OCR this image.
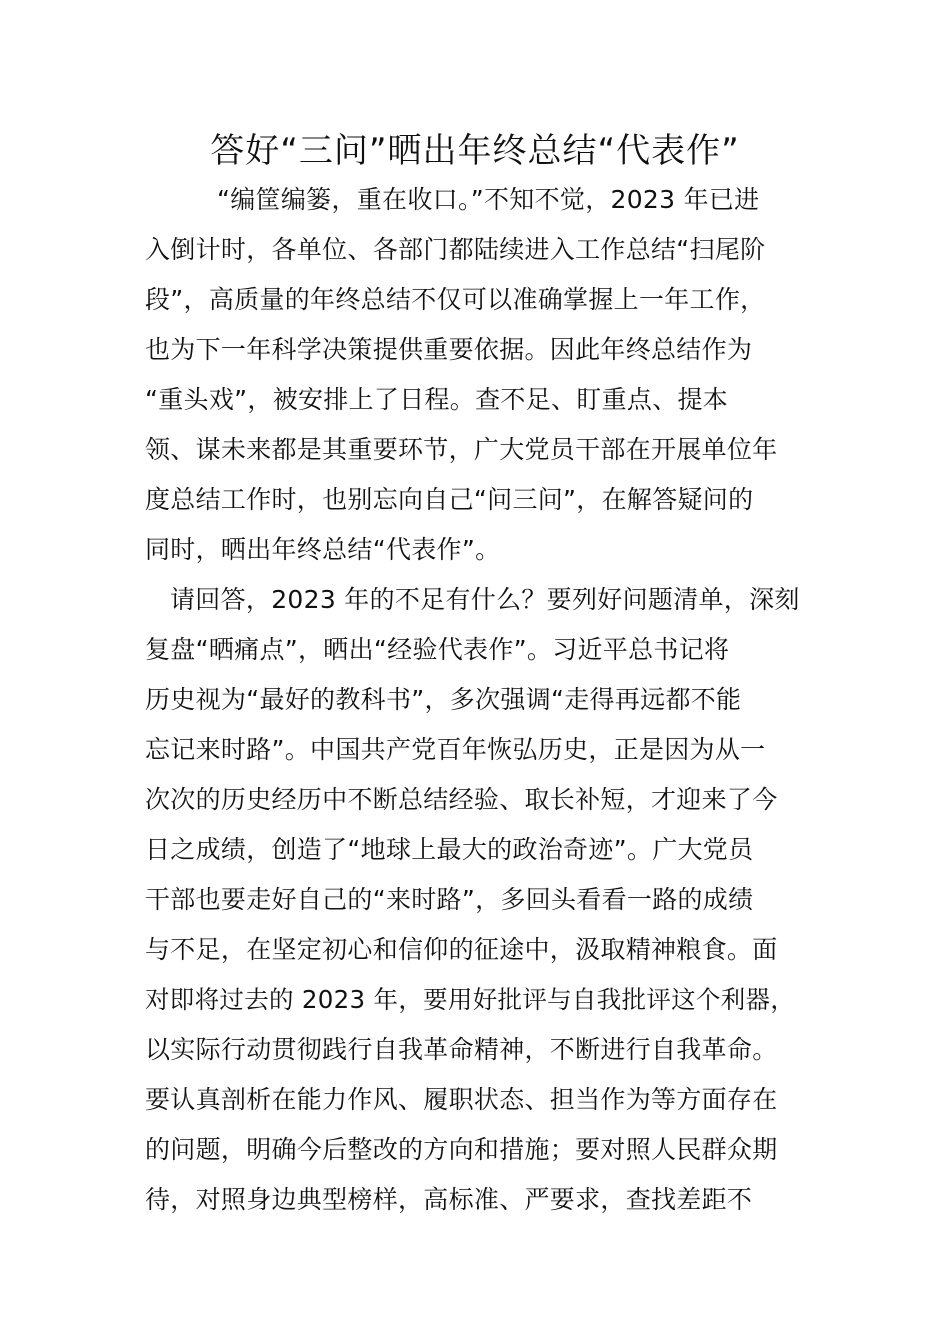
答好“三问”晒出年终总结“代表作”
“编筐编篓，重在收口。”不知不觉，2023 年已进
入倒计时，各单位、各部门都陆续进入工作总结“扫尾阶
段”，高质量的年终总结不仅可以准确掌握上一年工作，
也为下一年科学决策提供重要依据。因此年终总结作为
“重头戏”，被安排上了日程。查不足、盯重点、提本
领、谋未来都是其重要环节，广大党员干部在开展单位年
度总结工作时，也别忘向自己“问三问”，在解答疑问的
同时，晒出年终总结“代表作”。
请回答，2023 年的不足有什么？要列好问题清单，深刻
复盘“晒痛点”，晒出“经验代表作”。习近平总书记将
历史视为“最好的教科书”，多次强调“走得再远都不能
忘记来时路”。中国共产党百年恢弘历史，正是因为从一
次次的历史经历中不断总结经验、取长补短，才迎来了今
日之成绩，创造了“地球上最大的政治奇迹”。广大党员
干部也要走好自己的“来时路”，多回头看看一路的成绩
与不足，在坚定初心和信仰的征途中，汲取精神粮食。面
对即将过去的 2023 年，要用好批评与自我批评这个利器，
以实际行动贯彻践行自我革命精神，不断进行自我革命。
要认真剖析在能力作风、履职状态、担当作为等方面存在
的问题，明确今后整改的方向和措施；要对照人民群众期
待，对照身边典型榜样，高标准、严要求，查找差距不
